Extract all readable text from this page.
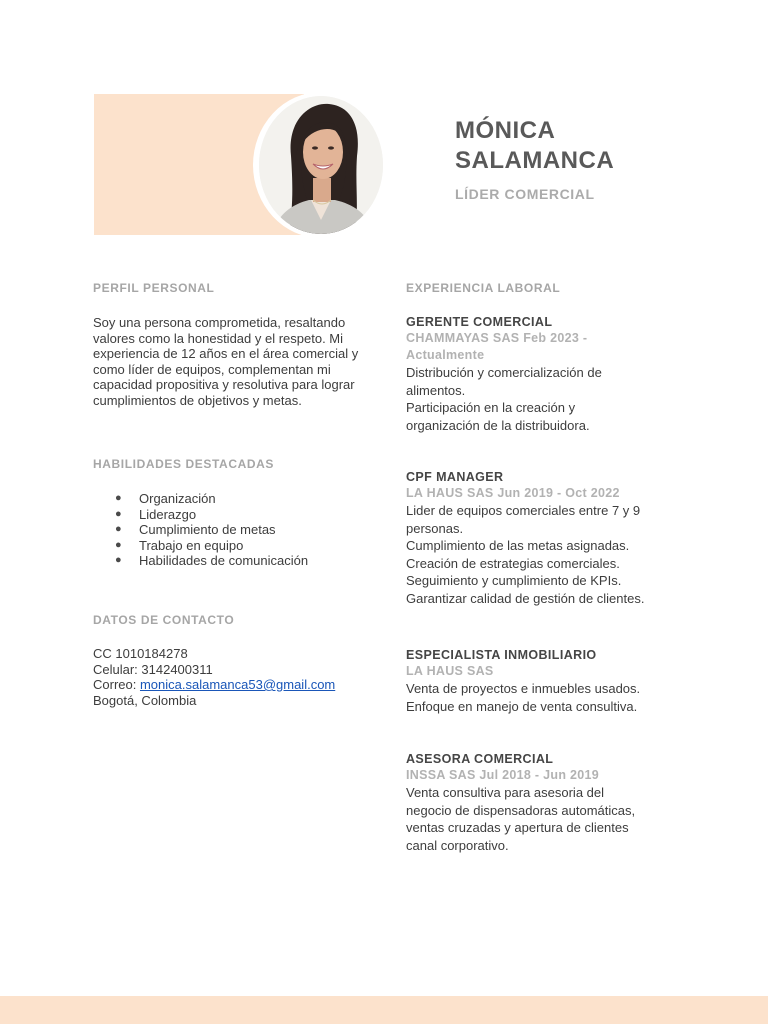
MÓNICA
SALAMANCA

LÍDER COMERCIAL

PERFIL PERSONAL

Soy una persona comprometida, resaltando valores como la honestidad y el respeto. Mi experiencia de 12 años en el área comercial y como líder de equipos, complementan mi capacidad propositiva y resolutiva para lograr cumplimientos de objetivos y metas.

HABILIDADES DESTACADAS
● Organización
● Liderazgo
● Cumplimiento de metas
● Trabajo en equipo
● Habilidades de comunicación
DATOS DE CONTACTO

CC 1010184278

Celular: 3142400311

Correo: monica.salamanca53@gmail.com

Bogotá, Colombia

EXPERIENCIA LABORAL

GERENTE COMERCIAL

CHAMMAYAS SAS Feb 2023 -

Actualmente

Distribución y comercialización de

alimentos.

Participación en la creación y

organización de la distribuidora.

CPF MANAGER

LA HAUS SAS Jun 2019 - Oct 2022

Lider de equipos comerciales entre 7 y 9

personas.

Cumplimiento de las metas asignadas.

Creación de estrategias comerciales.

Seguimiento y cumplimiento de KPIs.

Garantizar calidad de gestión de clientes.

ESPECIALISTA INMOBILIARIO

LA HAUS SAS

Venta de proyectos e inmuebles usados.

Enfoque en manejo de venta consultiva.

ASESORA COMERCIAL

INSSA SAS Jul 2018 - Jun 2019

Venta consultiva para asesoria del

negocio de dispensadoras automáticas,

ventas cruzadas y apertura de clientes

canal corporativo.
